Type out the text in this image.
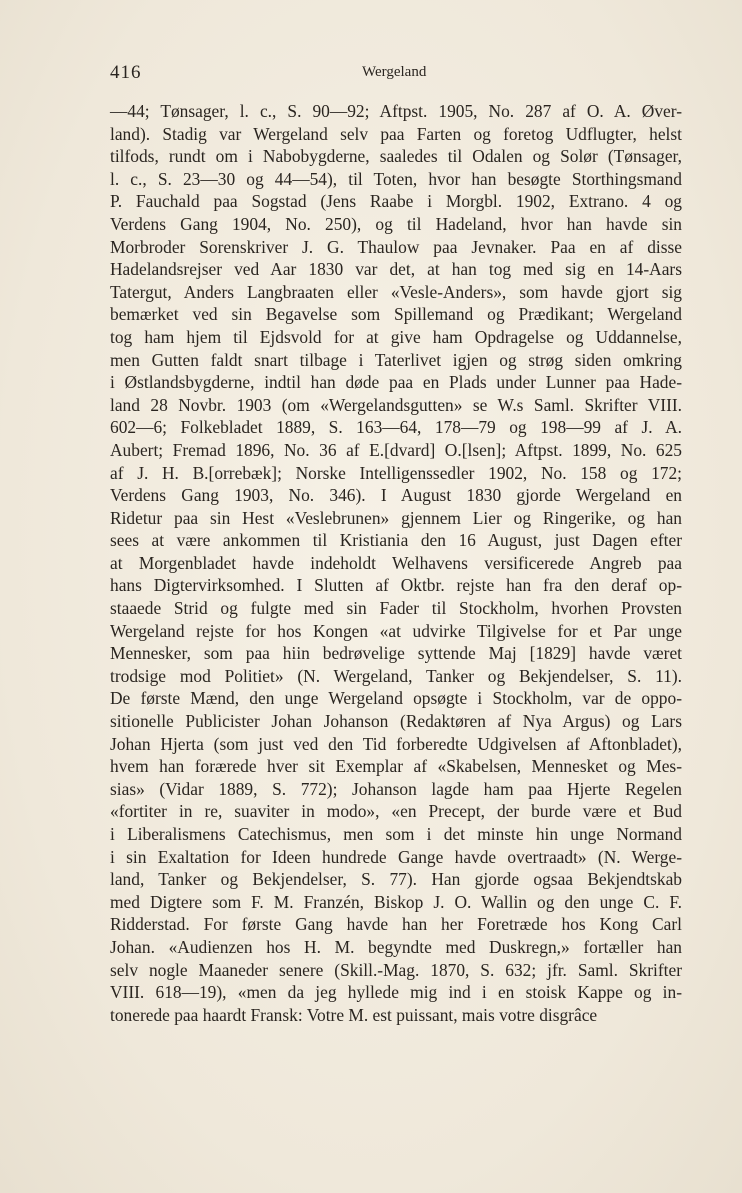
416	Wergeland
—44; Tønsager, l. c., S. 90—92; Aftpst. 1905, No. 287 af O. A. Øver-
land). Stadig var Wergeland selv paa Farten og foretog Udflugter, helst
tilfods, rundt om i Nabobygderne, saaledes til Odalen og Solør (Tønsager,
l. c., S. 23—30 og 44—54), til Toten, hvor han besøgte Storthingsmand
P. Fauchald paa Sogstad (Jens Raabe i Morgbl. 1902, Extrano. 4 og
Verdens Gang 1904, No. 250), og til Hadeland, hvor han havde sin
Morbroder Sorenskriver J. G. Thaulow paa Jevnaker. Paa en af disse
Hadelandsrejser ved Aar 1830 var det, at han tog med sig en 14-Aars
Tatergut, Anders Langbraaten eller «Vesle-Anders», som havde gjort sig
bemærket ved sin Begavelse som Spillemand og Prædikant; Wergeland
tog ham hjem til Ejdsvold for at give ham Opdragelse og Uddannelse,
men Gutten faldt snart tilbage i Taterlivet igjen og strøg siden omkring
i Østlandsbygderne, indtil han døde paa en Plads under Lunner paa Hade-
land 28 Novbr. 1903 (om «Wergelandsgutten» se W.s Saml. Skrifter VIII.
602—6; Folkebladet 1889, S. 163—64, 178—79 og 198—99 af J. A.
Aubert; Fremad 1896, No. 36 af E.[dvard] O.[lsen]; Aftpst. 1899, No. 625
af J. H. B.[orrebæk]; Norske Intelligenssedler 1902, No. 158 og 172;
Verdens Gang 1903, No. 346). I August 1830 gjorde Wergeland en
Ridetur paa sin Hest «Veslebrunen» gjennem Lier og Ringerike, og han
sees at være ankommen til Kristiania den 16 August, just Dagen efter
at Morgenbladet havde indeholdt Welhavens versificerede Angreb paa
hans Digtervirksomhed. I Slutten af Oktbr. rejste han fra den deraf op-
staaede Strid og fulgte med sin Fader til Stockholm, hvorhen Provsten
Wergeland rejste for hos Kongen «at udvirke Tilgivelse for et Par unge
Mennesker, som paa hiin bedrøvelige syttende Maj [1829] havde været
trodsige mod Politiet» (N. Wergeland, Tanker og Bekjendelser, S. 11).
De første Mænd, den unge Wergeland opsøgte i Stockholm, var de oppo-
sitionelle Publicister Johan Johanson (Redaktøren af Nya Argus) og Lars
Johan Hjerta (som just ved den Tid forberedte Udgivelsen af Aftonbladet),
hvem han forærede hver sit Exemplar af «Skabelsen, Mennesket og Mes-
sias» (Vidar 1889, S. 772); Johanson lagde ham paa Hjerte Regelen
«fortiter in re, suaviter in modo», «en Precept, der burde være et Bud
i Liberalismens Catechismus, men som i det minste hin unge Normand
i sin Exaltation for Ideen hundrede Gange havde overtraadt» (N. Werge-
land, Tanker og Bekjendelser, S. 77). Han gjorde ogsaa Bekjendtskab
med Digtere som F. M. Franzén, Biskop J. O. Wallin og den unge C. F.
Ridderstad. For første Gang havde han her Foretræde hos Kong Carl
Johan. «Audienzen hos H. M. begyndte med Duskregn,» fortæller han
selv nogle Maaneder senere (Skill.-Mag. 1870, S. 632; jfr. Saml. Skrifter
VIII. 618—19), «men da jeg hyllede mig ind i en stoisk Kappe og in-
tonerede paa haardt Fransk: Votre M. est puissant, mais votre disgrâce
